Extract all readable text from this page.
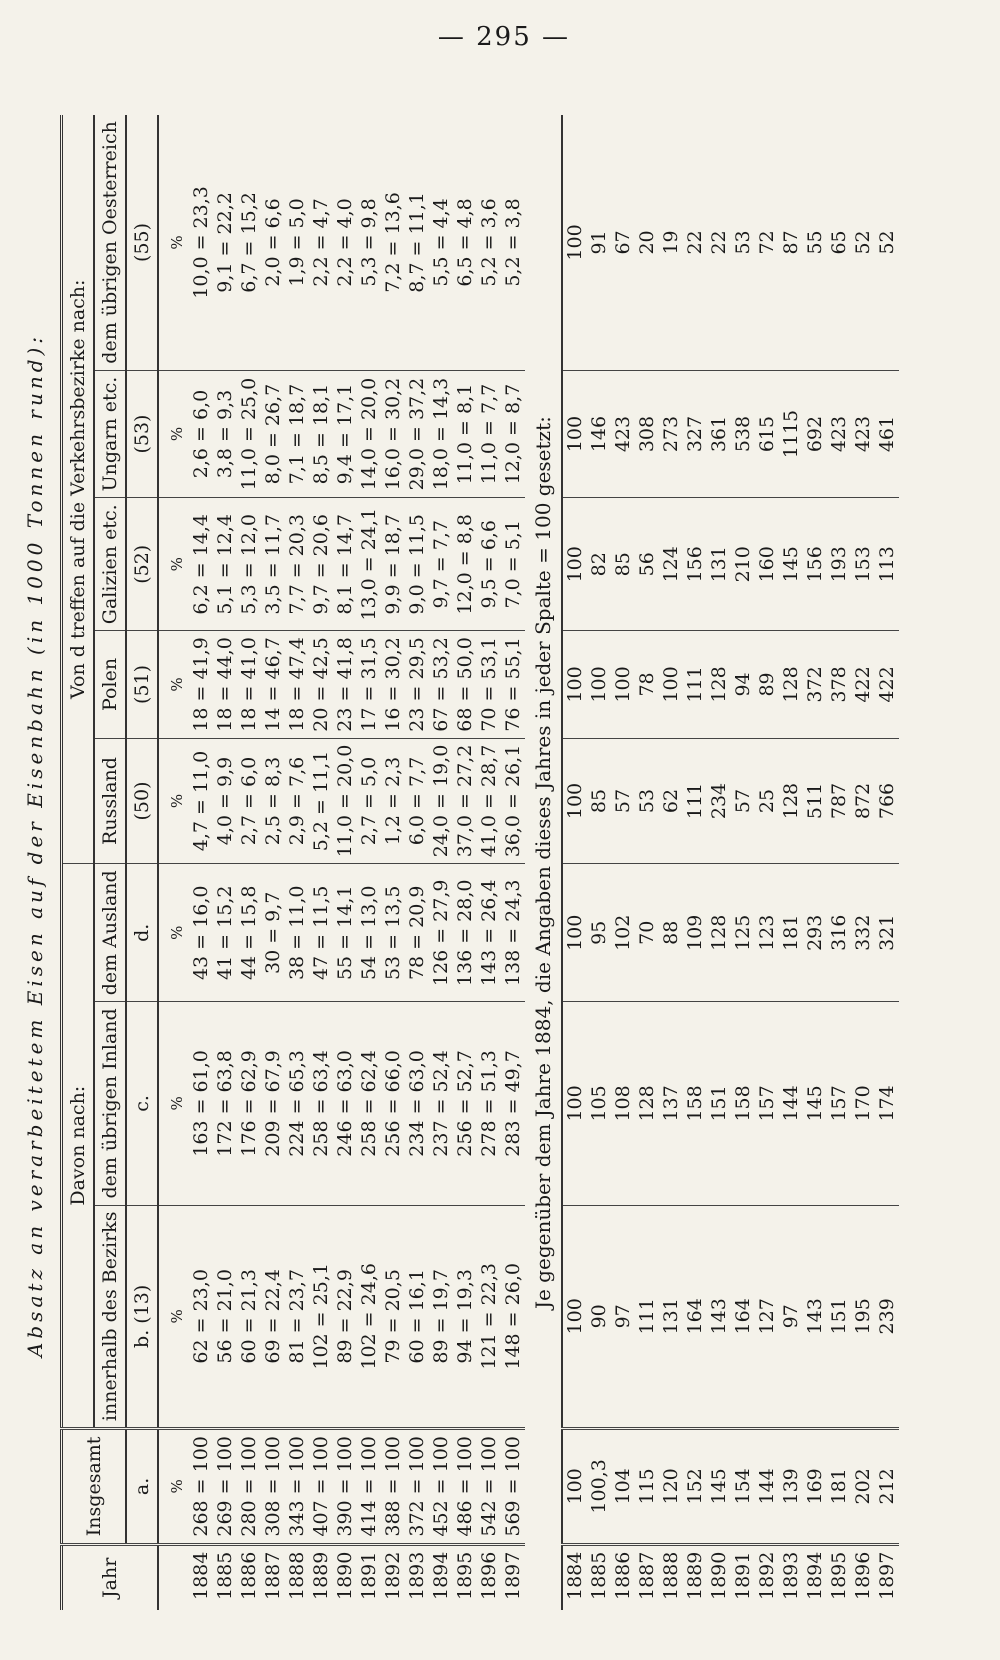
— 295 —
Absatz an verarbeitetem Eisen auf der Eisenbahn (in 1000 Tonnen rund):
Jahr	Insgesamt	Davon nach:			Von d treffen auf die Verkehrsbezirke nach:				
		innerhalb des Bezirks	dem übrigen Inland	dem Ausland	Russland	Polen	Galizien etc.	Ungarn etc.	dem übrigen Oesterreich
	a.	b. (13)	c.	d.	(50)	(51)	(52)	(53)	(55)
	%	%	%	%	%	%	%	%	%
1884	268 = 100	62 = 23,0	163 = 61,0	43 = 16,0	4,7 = 11,0	18 = 41,9	6,2 = 14,4	2,6 = 6,0	10,0 = 23,3
1885	269 = 100	56 = 21,0	172 = 63,8	41 = 15,2	4,0 = 9,9	18 = 44,0	5,1 = 12,4	3,8 = 9,3	9,1 = 22,2
1886	280 = 100	60 = 21,3	176 = 62,9	44 = 15,8	2,7 = 6,0	18 = 41,0	5,3 = 12,0	11,0 = 25,0	6,7 = 15,2
1887	308 = 100	69 = 22,4	209 = 67,9	30 = 9,7	2,5 = 8,3	14 = 46,7	3,5 = 11,7	8,0 = 26,7	2,0 = 6,6
1888	343 = 100	81 = 23,7	224 = 65,3	38 = 11,0	2,9 = 7,6	18 = 47,4	7,7 = 20,3	7,1 = 18,7	1,9 = 5,0
1889	407 = 100	102 = 25,1	258 = 63,4	47 = 11,5	5,2 = 11,1	20 = 42,5	9,7 = 20,6	8,5 = 18,1	2,2 = 4,7
1890	390 = 100	89 = 22,9	246 = 63,0	55 = 14,1	11,0 = 20,0	23 = 41,8	8,1 = 14,7	9,4 = 17,1	2,2 = 4,0
1891	414 = 100	102 = 24,6	258 = 62,4	54 = 13,0	2,7 = 5,0	17 = 31,5	13,0 = 24,1	14,0 = 20,0	5,3 = 9,8
1892	388 = 100	79 = 20,5	256 = 66,0	53 = 13,5	1,2 = 2,3	16 = 30,2	9,9 = 18,7	16,0 = 30,2	7,2 = 13,6
1893	372 = 100	60 = 16,1	234 = 63,0	78 = 20,9	6,0 = 7,7	23 = 29,5	9,0 = 11,5	29,0 = 37,2	8,7 = 11,1
1894	452 = 100	89 = 19,7	237 = 52,4	126 = 27,9	24,0 = 19,0	67 = 53,2	9,7 = 7,7	18,0 = 14,3	5,5 = 4,4
1895	486 = 100	94 = 19,3	256 = 52,7	136 = 28,0	37,0 = 27,2	68 = 50,0	12,0 = 8,8	11,0 = 8,1	6,5 = 4,8
1896	542 = 100	121 = 22,3	278 = 51,3	143 = 26,4	41,0 = 28,7	70 = 53,1	9,5 = 6,6	11,0 = 7,7	5,2 = 3,6
1897	569 = 100	148 = 26,0	283 = 49,7	138 = 24,3	36,0 = 26,1	76 = 55,1	7,0 = 5,1	12,0 = 8,7	5,2 = 3,8
Je gegenüber dem Jahre 1884, die Angaben dieses Jahres in jeder Spalte = 100 gesetzt:									
1884	100	100	100	100	100	100	100	100	100
1885	100,3	90	105	95	85	100	82	146	91
1886	104	97	108	102	57	100	85	423	67
1887	115	111	128	70	53	78	56	308	20
1888	120	131	137	88	62	100	124	273	19
1889	152	164	158	109	111	111	156	327	22
1890	145	143	151	128	234	128	131	361	22
1891	154	164	158	125	57	94	210	538	53
1892	144	127	157	123	25	89	160	615	72
1893	139	97	144	181	128	128	145	1115	87
1894	169	143	145	293	511	372	156	692	55
1895	181	151	157	316	787	378	193	423	65
1896	202	195	170	332	872	422	153	423	52
1897	212	239	174	321	766	422	113	461	52
